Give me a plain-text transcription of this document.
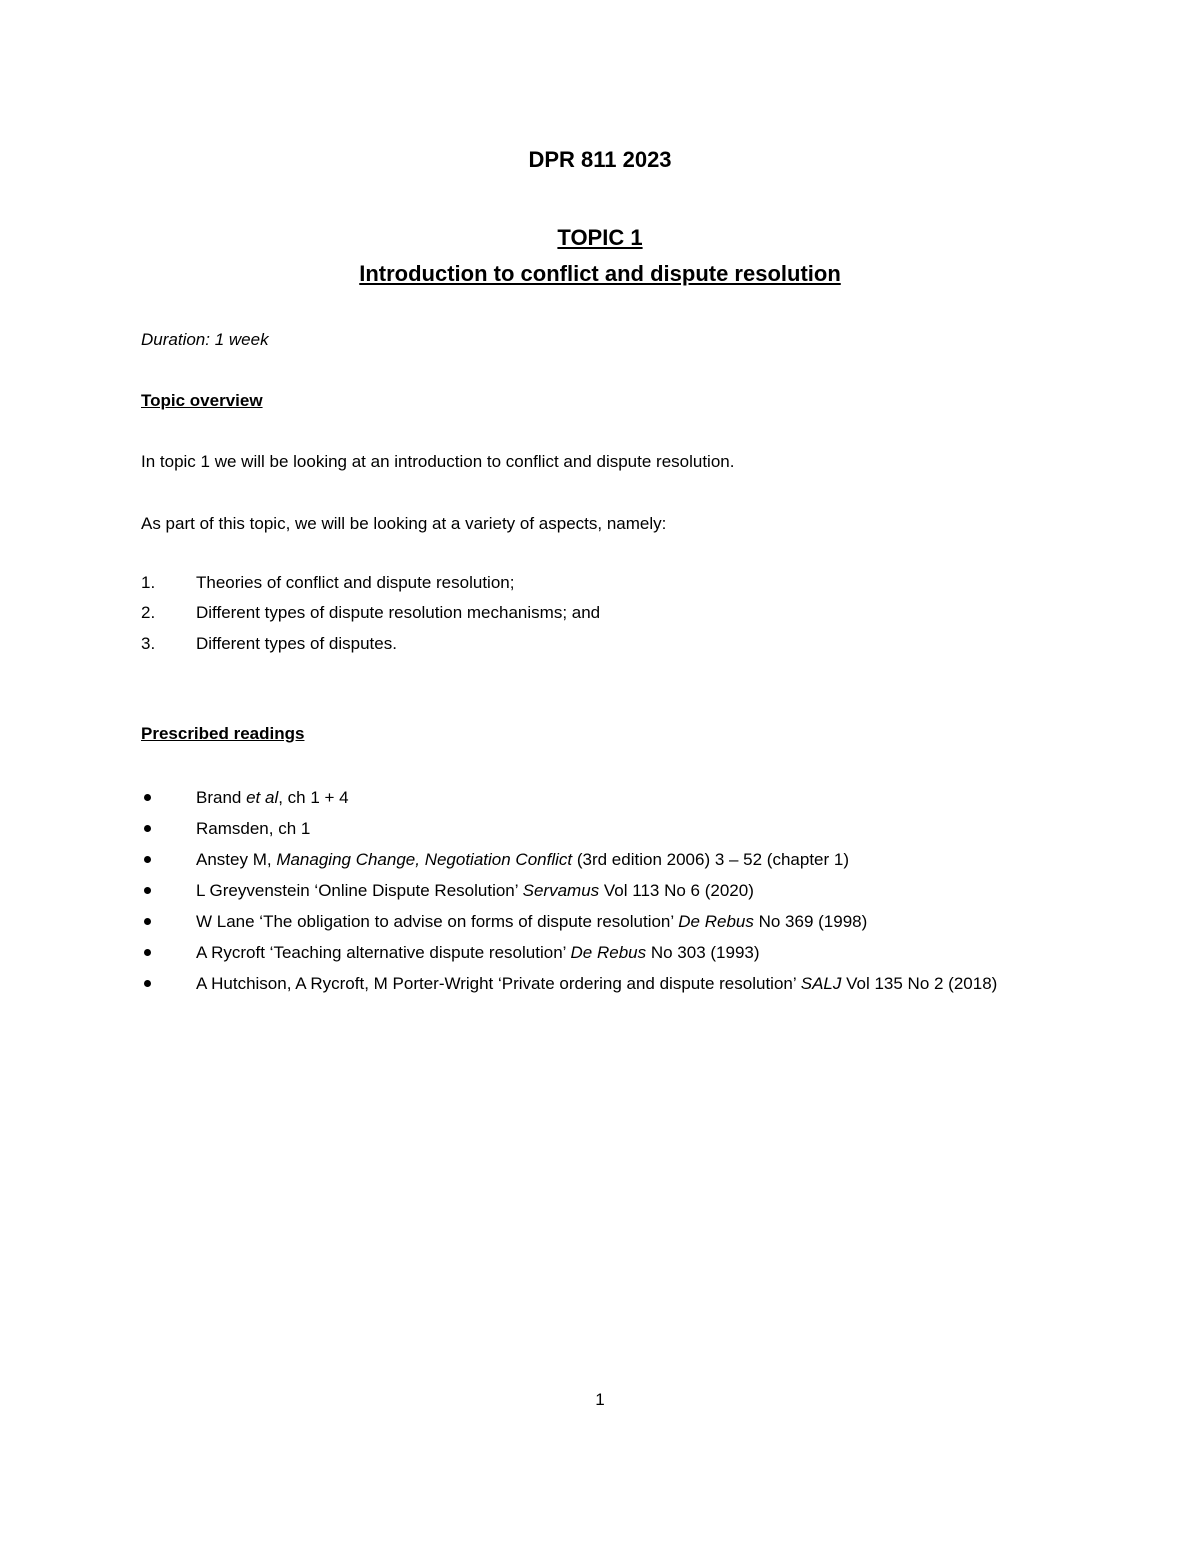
DPR 811 2023
TOPIC 1
Introduction to conflict and dispute resolution
Duration: 1 week
Topic overview
In topic 1 we will be looking at an introduction to conflict and dispute resolution.
As part of this topic, we will be looking at a variety of aspects, namely:
1. Theories of conflict and dispute resolution;
2. Different types of dispute resolution mechanisms; and
3. Different types of disputes.
Prescribed readings
Brand et al, ch 1 + 4
Ramsden, ch 1
Anstey M, Managing Change, Negotiation Conflict (3rd edition 2006) 3 – 52 (chapter 1)
L Greyvenstein ‘Online Dispute Resolution’ Servamus Vol 113 No 6 (2020)
W Lane ‘The obligation to advise on forms of dispute resolution’ De Rebus No 369 (1998)
A Rycroft ‘Teaching alternative dispute resolution’ De Rebus No 303 (1993)
A Hutchison, A Rycroft, M Porter-Wright ‘Private ordering and dispute resolution’ SALJ Vol 135 No 2 (2018)
1
